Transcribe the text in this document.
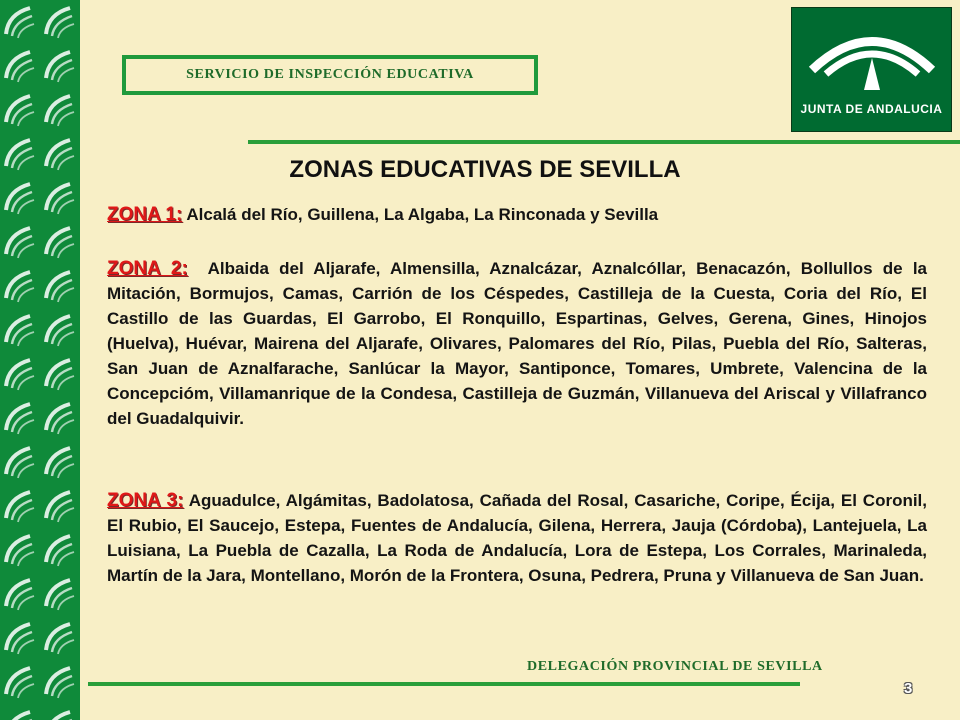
SERVICIO DE INSPECCIÓN EDUCATIVA
JUNTA DE ANDALUCIA
ZONAS EDUCATIVAS DE SEVILLA
ZONA 1: Alcalá del Río, Guillena, La Algaba, La Rinconada y Sevilla
ZONA 2: Albaida del Aljarafe, Almensilla, Aznalcázar, Aznalcóllar, Benacazón, Bollullos de la Mitación, Bormujos, Camas, Carrión de los Céspedes, Castilleja de la Cuesta, Coria del Río, El Castillo de las Guardas, El Garrobo, El Ronquillo, Espartinas, Gelves, Gerena, Gines, Hinojos (Huelva), Huévar, Mairena del Aljarafe, Olivares, Palomares del Río, Pilas, Puebla del Río, Salteras, San Juan de Aznalfarache, Sanlúcar la Mayor, Santiponce, Tomares, Umbrete, Valencina de la Concepcióm, Villamanrique de la Condesa, Castilleja de Guzmán, Villanueva del Ariscal y Villafranco del Guadalquivir.
ZONA 3: Aguadulce, Algámitas, Badolatosa, Cañada del Rosal, Casariche, Coripe, Écija, El Coronil, El Rubio, El Saucejo, Estepa, Fuentes de Andalucía, Gilena, Herrera, Jauja (Córdoba), Lantejuela, La Luisiana, La Puebla de Cazalla, La Roda de Andalucía, Lora de Estepa, Los Corrales, Marinaleda, Martín de la Jara, Montellano, Morón de la Frontera, Osuna, Pedrera, Pruna y Villanueva de San Juan.
DELEGACIÓN PROVINCIAL DE SEVILLA
3
